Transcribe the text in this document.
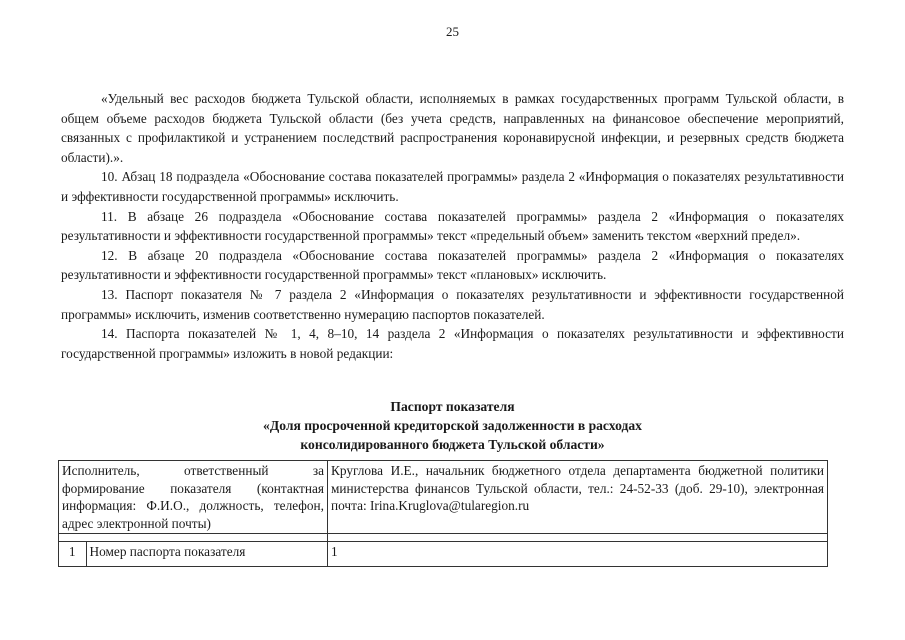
25

«Удельный вес расходов бюджета Тульской области, исполняемых в рамках государственных программ Тульской области, в общем объеме расходов бюджета Тульской области (без учета средств, направленных на финансовое обеспечение мероприятий, связанных с профилактикой и устранением последствий распространения коронавирусной инфекции, и резервных средств бюджета области).».

10. Абзац 18 подраздела «Обоснование состава показателей программы» раздела 2 «Информация о показателях результативности и эффективности государственной программы» исключить.

11. В абзаце 26 подраздела «Обоснование состава показателей программы» раздела 2 «Информация о показателях результативности и эффективности государственной программы» текст «предельный объем» заменить текстом «верхний предел».

12. В абзаце 20 подраздела «Обоснование состава показателей программы» раздела 2 «Информация о показателях результативности и эффективности государственной программы» текст «плановых» исключить.

13. Паспорт показателя № 7 раздела 2 «Информация о показателях результативности и эффективности государственной программы» исключить, изменив соответственно нумерацию паспортов показателей.

14. Паспорта показателей № 1, 4, 8–10, 14 раздела 2 «Информация о показателях результативности и эффективности государственной программы» изложить в новой редакции:

Паспорт показателя
«Доля просроченной кредиторской задолженности в расходах
консолидированного бюджета Тульской области»
Исполнитель, ответственный за формирование показателя (контактная информация: Ф.И.О., должность, телефон, адрес электронной почты)		Круглова И.Е., начальник бюджетного отдела департамента бюджетной политики министерства финансов Тульской области, тел.: 24-52-33 (доб. 29-10), электронная почта: Irina.Kruglova@tularegion.ru

1	Номер паспорта показателя	1
